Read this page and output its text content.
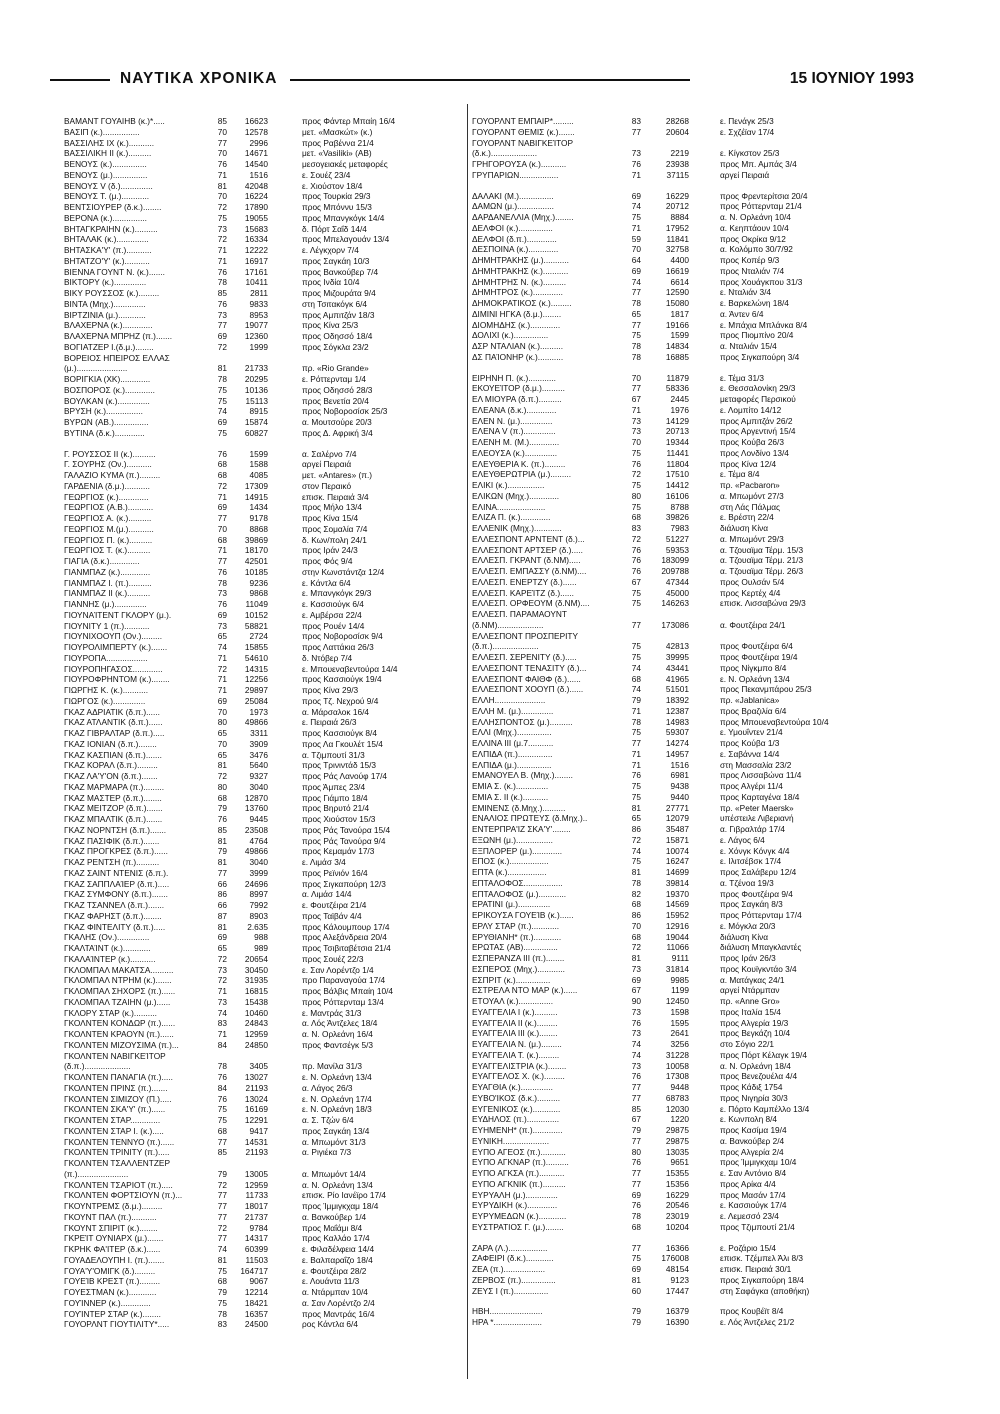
ΝΑΥΤΙΚΑ ΧΡΟΝΙΚΑ	15 ΙΟΥΝΙΟΥ 1993
ΒΑΜΑΝΤ ΓΟΥΑΙΗΒ (κ.)*.....	85	16623	προς Φάντερ Μπαίη 16/4
ΒΑΣΙΠ (κ.)................	70	12578	μετ. «Μασκώτ» (κ.)
ΒΑΣΣΙΛΗΣ ΙΧ (κ.)...........	77	2996	προς Ραβέννα 21/4
ΒΑΣΣΙΛΙΚΗ ΙΙ (κ.)..........	70	14671	μετ. «Vasiliki» (ΑΒ)
ΒΕΝΟΥΣ (κ.)...............	76	14540	μεσογειακές μεταφορές
ΒΕΝΟΥΣ (μ.)...............	71	1516	ε. Σουέζ 23/4
ΒΕΝΟΥΣ V (δ.)..............	81	42048	ε. Χιούστον 18/4
ΒΕΝΟΥΣ Τ. (μ.)............	70	16224	προς Τουρκία 29/3
ΒΕΝΤΣΙΟΥΡΕΡ (δ.κ.)........	72	17890	προς Μπόννυ 15/3
ΒΕΡΟΝΑ (κ.)...............	75	19055	προς Μπανγκόγκ 14/4
ΒΗΤΑΓΚΡΑΙΗΝ (κ.)..........	73	15683	δ. Πόρτ Σαΐδ 14/4
ΒΗΤΑΛΑΚ (κ.)..............	72	16334	προς Μπελαγουάν 13/4
ΒΗΤΑΣΚΑ'Υ' (π.)...........	71	12222	ε. Λέγκχορν 7/4
ΒΗΤΑΤΖΟ'Υ' (κ.)...........	71	16917	προς Σαγκάη 10/3
ΒΙΕΝΝΑ ΓΟΥΝΤ Ν. (κ.).......	76	17161	προς Βανκούβερ 7/4
ΒΙΚΤΟΡΥ (κ.)..............	78	10411	προς Ινδία 10/4
ΒΙΚΥ ΡΟΥΣΣΟΣ (κ.).........	85	2811	προς Μιζουράτα 9/4
ΒΙΝΤΑ (Μηχ.)..............	76	9833	στη Τσιτακόγκ 6/4
ΒΙΡΤΖΙΝΙΑ (μ.)............	73	8953	προς Αμπιτζάν 18/3
ΒΛΑΧΕΡΝΑ (κ.).............	77	19077	προς Κίνα 25/3
ΒΛΑΧΕΡΝΑ ΜΠΡΗΖ (π.).......	69	12360	προς Οδησσό 18/4
ΒΟΓΙΑΤΖΕΡ Ι.(δ.μ.)........	72	1999	προς Σόγκλα 23/2
ΒΟΡΕΙΟΣ ΗΠΕΙΡΟΣ ΕΛΛΑΣ
(μ.)......................	81	21733	πρ. «Rio Grande»
ΒΟΡΙΓΚΙΑ (ΧΚ).............	78	20295	ε. Ρόττερνταμ 1/4
ΒΟΣΠΟΡΟΣ (κ.).............	75	10136	προς Οδησσό 28/3
ΒΟΥΛΚΑΝ (κ.)..............	75	15113	προς Βενετία 20/4
ΒΡΥΣΗ (κ.)................	74	8915	προς Νοβοροσίσκ 25/3
ΒΥΡΩΝ (ΑΒ.)...............	69	15874	α. Μουτσούρε 20/3
ΒΥΤΙΝΑ (δ.κ.).............	75	60827	προς Δ. Αφρική 3/4
Γ. ΡΟΥΣΣΟΣ ΙΙ (κ.)..........	76	1599	α. Σαλέρνο 7/4
Γ. ΣΟΥΡΗΣ (Ον.)...........	68	1588	αργεί Πειραιά
ΓΑΛΑΖΙΟ ΚΥΜΑ (π.).........	68	4085	μετ. «Antares» (π.)
ΓΑΡΔΕΝΙΑ (δ.μ.)...........	72	17309	στον Περαικό
ΓΕΩΡΓΙΟΣ (κ.).............	71	14915	επισκ. Πειραιά 3/4
ΓΕΩΡΓΙΟΣ (Α.Β.)...........	69	1434	προς Μήλο 13/4
ΓΕΩΡΓΙΟΣ Α. (κ.)..........	77	9178	προς Κίνα 15/4
ΓΕΩΡΓΙΟΣ Μ.(μ.)...........	70	8868	προς Σομαλία 7/4
ΓΕΩΡΓΙΟΣ Π. (κ.)..........	68	39869	δ. Κων/πολη 24/1
ΓΕΩΡΓΙΟΣ Τ. (κ.)..........	71	18170	προς Ιράν 24/3
ΓΙΑΓΙΑ (δ.κ.).............	77	42501	προς Φός 9/4
ΓΙΑΝΜΠΑΖ (κ.).............	76	10185	στην Κωνστάντζα 12/4
ΓΙΑΝΜΠΑΖ Ι. (π.)..........	78	9236	ε. Κάντλα 6/4
ΓΙΑΝΜΠΑΖ ΙΙ (κ.)..........	73	9868	ε. Μπανγκόγκ 29/3
ΓΙΑΝΝΗΣ (μ.)..............	76	11049	ε. Κασσιούγκ 6/4
ΓΙΟΥΝΑΊΤΕΝΤ ΓΚΛΟΡΥ (μ.).	69	10152	ε. Αμβέρσα 22/4
ΓΙΟΥΝΙΤΥ 1 (π.)...........	73	58821	προς Ρουέν 14/4
ΓΙΟΥΝΙΧΟΟΥΠ (Ον.).........	65	2724	προς Νοβοροσίσκ 9/4
ΓΙΟΥΡΟΛΙΜΠΕΡΤΥ (κ.).......	74	15855	προς Λαττάκια 26/3
ΓΙΟΥΡΟΠΑ..................	71	54610	δ. Ντόβερ 7/4
ΓΙΟΥΡΟΠΗΓΑΣΟΣ.............	72	14315	ε. Μπουεναβεντούρα 14/4
ΓΙΟΥΡΟΦΡΗΝΤΟΜ (κ.)........	71	12256	προς Κασσιούγκ 19/4
ΓΙΩΡΓΗΣ Κ. (κ.)...........	71	29897	προς Κίνα 29/3
ΓΙΩΡΓΟΣ (κ.)..............	69	25084	προς Τζ. Νεχρού 9/4
ΓΚΑΖ ΑΔΡΙΑΤΙΚ (δ.π.)......	70	1973	α. Μάρσαλοκ 16/4
ΓΚΑΖ ΑΤΛΑΝΤΙΚ (δ.π.)......	80	49866	ε. Πειραιά 26/3
ΓΚΑΖ ΓΙΒΡΑΛΤΑΡ (δ.π.).....	65	3311	προς Κασσιούγκ 8/4
ΓΚΑΖ ΙΟΝΙΑΝ (δ.π.)........	70	3909	προς Λα Γκουλέτ 15/4
ΓΚΑΖ ΚΑΣΠΙΑΝ (δ.π.).......	65	3476	α. Τζιμπουτί 31/3
ΓΚΑΖ ΚΟΡΑΛ (δ.π.).........	81	5640	προς Τρινιντάδ 15/3
ΓΚΑΖ ΛΑ'Υ'ΟΝ (δ.π.).......	72	9327	προς Ράς Λανούφ 17/4
ΓΚΑΖ ΜΑΡΜΑΡΑ (π.).........	80	3040	προς Άμπες 23/4
ΓΚΑΖ ΜΑΣΤΕΡ (δ.π.)........	68	12870	προς Γιάμπο 18/4
ΓΚΑΖ ΜΕΙΤΖΟΡ (δ.π.).......	79	13760	προς Βηρυτό 21/4
ΓΚΑΖ ΜΠΑΛΤΙΚ (δ.π.).......	76	9445	προς Χιούστον 15/3
ΓΚΑΖ ΝΟΡΝΤΣΗ (δ.π.).......	85	23508	προς Ράς Τανούρα 15/4
ΓΚΑΖ ΠΑΣΙΦΙΚ (δ.π.).......	81	4764	προς Ράς Τανούρα 9/4
ΓΚΑΖ ΠΡΟΓΚΡΕΣ (δ.π.)......	79	49866	προς Κεμαμάν 17/3
ΓΚΑΖ ΡΕΝΤΣΗ (π.)..........	81	3040	ε. Λιμάσ 3/4
ΓΚΑΖ ΣΑΙΝΤ ΝΤΕΝΙΣ (δ.π.).	77	3999	προς Ρεϊνιόν 16/4
ΓΚΑΖ ΣΑΠΠΛΑΊΕΡ (δ.π.).....	66	24696	προς Σιγκαπούρη 12/3
ΓΚΑΖ ΣΥΜΦΟΝΥ (δ.π.).......	86	8997	α. Λιμάσ 14/4
ΓΚΑΖ ΤΣΑΝΝΕΛ (δ.π.).......	66	7992	ε. Φουτζέιρα 21/4
ΓΚΑΖ ΦΑΡΗΣΤ (δ.π.)........	87	8903	προς Ταϊβάν 4/4
ΓΚΑΖ ΦΙΝΤΕΛΙΤΥ (δ.π.).....	81	2.635	προς Κάλουμπουρ 17/4
ΓΚΑΛΗΣ (Ον.)..............	69	988	προς Αλεξάνδρεια 20/4
ΓΚΑΛΤΑΊΝΤ (κ.)............	65	989	προς Τσιβιταβέτσια 21/4
ΓΚΑΛΑΊΝΤΕΡ (κ.)...........	72	20654	προς Σουέζ 22/3
ΓΚΛΟΜΠΑΛ ΜΑΚΑΤΣΑ..........	73	30450	ε. Σαν Λορέντζο 1/4
ΓΚΛΟΜΠΑΛ ΝΤΡΗΜ (κ.).......	72	31935	προ Παραναγούα 17/4
ΓΚΛΟΜΠΑΛ ΣΗΧΟΡΣ (π.)......	71	16815	προς Βάλβις Μπαίη 10/4
ΓΚΛΟΜΠΑΛ ΤΖΑΙΗΝ (μ.)......	73	15438	προς Ρόττερνταμ 13/4
ΓΚΛΟΡΥ ΣΤΑΡ (κ.)..........	74	10460	ε. Μαντράς 31/3
ΓΚΟΛΝΤΕΝ ΚΟΝΔΩΡ (π.)......	83	24843	α. Λός Άντζελες 18/4
ΓΚΟΛΝΤΕΝ ΚΡΑΟΥΝ (π.)......	71	12959	α. Ν. Ορλεάνη 16/4
ΓΚΟΛΝΤΕΝ ΜΙΖΟΥΣΙΜΑ (π.)...	84	24850	προς Φαντσέγκ 5/3
ΓΚΟΛΝΤΕΝ ΝΑΒΙΓΚΕΊΤΟΡ
(δ.π.)....................	78	3405	πρ. Μανίλα 31/3
ΓΚΟΛΝΤΕΝ ΠΑΝΑΓΙΑ (π.).....	76	13027	ε. Ν. Ορλεάνη 13/4
ΓΚΟΛΝΤΕΝ ΠΡΙΝΣ (π.).......	84	21193	α. Λάγος 26/3
ΓΚΟΛΝΤΕΝ ΣΙΜΙΖΟΥ (Π.).....	76	13024	ε. Ν. Ορλεάνη 17/4
ΓΚΟΛΝΤΕΝ ΣΚΑ'Υ' (π.)......	75	16169	ε. Ν. Ορλεάνη 18/3
ΓΚΟΛΝΤΕΝ ΣΤΑΡ.............	75	12291	α. Σ. Τζών 6/4
ΓΚΟΛΝΤΕΝ ΣΤΑΡ Ι. (κ.).....	68	9417	προς Σαγκάη 13/4
ΓΚΟΛΝΤΕΝ ΤΕΝΝΥΟ (π.)......	77	14531	α. Μπωμόντ 31/3
ΓΚΟΛΝΤΕΝ ΤΡΙΝΙΤΥ (π.).....	85	21193	α. Ριγιέκα 7/3
ΓΚΟΛΝΤΕΝ ΤΣΑΛΛΕΝΤΖΕΡ
(π.)......................	79	13005	α. Μπωμόντ 14/4
ΓΚΟΛΝΤΕΝ ΤΣΑΡΙΟΤ (π.).....	72	12959	α. Ν. Ορλεάνη 13/4
ΓΚΟΛΝΤΕΝ ΦΟΡΤΣΙΟΥΝ (π.)...	77	11733	επισκ. Ρίο Ιανέϊρο 17/4
ΓΚΟΥΝΤΡΕΜΣ (δ.μ.).........	77	18017	προς Ίμμιγκχαμ 18/4
ΓΚΟΥΝΤ ΠΑΛ (π.)...........	77	21737	α. Βανκούβερ 1/4
ΓΚΟΥΝΤ ΣΠΙΡΙΤ (κ.)........	72	9784	προς Μαΐάμι 8/4
ΓΚΡΕΊΤ ΟΥΝΙΑΡΧ (μ.).......	77	14317	προς Καλλάο 17/4
ΓΚΡΗΚ ΦΑ'ΙΤΕΡ (δ.κ.)......	74	60399	ε. Φιλαδέλφεια 14/4
ΓΟΥΑΔΕΛΟΥΠΗ Ι. (π.).......	81	11503	ε. Βαλπαραΐζο 18/4
ΓΟΥΑ'Υ'ΟΜΙΓΚ (δ.).........	75	164717	ε. Φουτζέιρα 28/2
ΓΟΥΕΊΒ ΚΡΕΣΤ (π.).........	68	9067	ε. Λουάντα 11/3
ΓΟΥΕΣΤΜΑΝ (κ.)............	79	12214	α. Ντάρμπαν 10/4
ΓΟΥΊΝΝΕΡ (κ.).............	75	18421	α. Σαν Λορέντζο 2/4
ΓΟΥΊΝΤΕΡ ΣΤΑΡ (κ.)........	78	16357	προς Μαντράς 16/4
ΓΟΥΟΡΛΝΤ ΓΙΟΥΤΙΛΙΤΥ*.....	83	24500	ρος Κάντλα 6/4
ΓΟΥΟΡΛΝΤ ΕΜΠΑΙΡ*.........	83	28268	ε. Πενάγκ 25/3
ΓΟΥΟΡΛΝΤ ΘΕΜΙΣ (κ.).......	77	20604	ε. Σχζέϊαν 17/4
ΓΟΥΟΡΛΝΤ ΝΑΒΙΓΚΕΊΤΟΡ
(δ.κ.)....................	73	2219	ε. Κίγκστον 25/3
ΓΡΗΓΟΡΟΥΣΑ (κ.)...........	76	23938	προς Μπ. Αμπάς 3/4
ΓΡΥΠΑΡΙΩΝ.................	71	37115	αργεί Πειραιά
ΔΑΛΑΚΙ (Μ.)...............	69	16229	προς Φρεντερίτσια 20/4
ΔΑΜΩΝ (μ.)................	74	20712	προς Ρόττερνταμ 21/4
ΔΑΡΔΑΝΕΛΛΙΑ (Μηχ.)........	75	8884	α. Ν. Ορλεάνη 10/4
ΔΕΛΦΟΙ (κ.)...............	71	17952	α. Κεηπτάουν 10/4
ΔΕΛΦΟΙ (δ.π.).............	59	11841	προς Οκρίκα 9/12
ΔΕΣΠΟΙΝΑ (κ.).............	70	32758	α. Κολόμπο 30/7/92
ΔΗΜΗΤΡΑΚΗΣ (μ.)...........	64	4400	προς Κοπέρ 9/3
ΔΗΜΗΤΡΑΚΗΣ (κ.)...........	69	16619	προς Νταλιάν 7/4
ΔΗΜΗΤΡΗΣ Ν. (κ.)..........	74	6614	προς Χουάγκπου 31/3
ΔΗΜΗΤΡΟΣ (κ.).............	77	12590	ε. Νταλιάν 3/4
ΔΗΜΟΚΡΑΤΙΚΟΣ (κ.).........	78	15080	ε. Βαρκελώνη 18/4
ΔΙΜΙΝΙ ΗΓΚΑ (δ.μ.)........	65	1817	α. Άντεν 6/4
ΔΙΟΜΗΔΗΣ (κ.).............	77	19166	ε. Μπάχια Μπλάνκα 8/4
ΔΟΛΙΧΙ (κ.)...............	75	1599	προς Πιομπίνο 20/4
ΔΣΡ ΝΤΑΛΙΑΝ (κ.)..........	78	14834	α. Νταλιάν 15/4
ΔΣ ΠΑΊΟΝΗΡ (κ.)...........	78	16885	προς Σιγκαπούρη 3/4
ΕΙΡΗΝΗ Π. (κ.)............	70	11879	ε. Τέμα 31/3
ΕΚΟΥΕΊΤΟΡ (δ.μ.)..........	77	58336	ε. Θεσσαλονίκη 29/3
ΕΛ ΜΙΟΥΡΑ (δ.π.)..........	67	2445	μεταφορές Περσικού
ΕΛΕΑΝΑ (δ.κ.).............	71	1976	ε. Λομπίτο 14/12
ΕΛΕΝ Ν. (μ.)..............	73	14129	προς Αμπιτζάν 26/2
ΕΛΕΝΑ V (π.)..............	73	20713	προς Αργεντινή 15/4
ΕΛΕΝΗ Μ. (Μ.).............	70	19344	προς Κούβα 26/3
ΕΛΕΟΥΣΑ (κ.)..............	75	11441	προς Λονδίνο 13/4
ΕΛΕΥΘΕΡΙΑ Κ. (π.).........	76	11804	προς Κίνα 12/4
ΕΛΕΥΘΕΡΩΤΡΙΑ (μ.).........	72	17510	ε. Τέμα 8/4
ΕΛΙΚΙ (κ.)................	75	14412	πρ. «Pacbaron»
ΕΛΙΚΩΝ (Μηχ.).............	80	16106	α. Μπωμόντ 27/3
ΕΛΙΝΑ.....................	75	8788	στη Λάς Πάλμας
ΕΛΙΖΑ Π. (κ.).............	68	39826	ε. Βρέστη 22/4
ΕΛΛΕΝΙΚ (Μηχ.)............	83	7983	διάλυση Κίνα
ΕΛΛΕΣΠΟΝΤ ΑΡΝΤΕΝΤ (δ.)...	72	51227	α. Μπωμόντ 29/3
ΕΛΛΕΣΠΟΝΤ ΑΡΤΣΕΡ (δ.).....	76	59353	α. Τζουαϊμα Τέρμ. 15/3
ΕΛΛΕΣΠ. ΓΚΡΑΝΤ (δ.ΝΜ).....	76	183099	α. Τζουαϊμα Τέρμ. 21/3
ΕΛΛΕΣΠ. ΕΜΠΑΣΣΥ (δ.ΝΜ)....	76	209788	α. Τζουαϊμα Τέρμ. 26/3
ΕΛΛΕΣΠ. ΕΝΕΡΤΖΥ (δ.)......	67	47344	προς Ουλσάν 5/4
ΕΛΛΕΣΠ. ΚΑΡΕΊΤΖ (δ.)......	75	45000	προς Κερτέχ 4/4
ΕΛΛΕΣΠ. ΟΡΦΕΟΥΜ (δ.ΝΜ)....	75	146263	επισκ. Λισσαβώνα 29/3
ΕΛΛΕΣΠ. ΠΑΡΑΜΑΟΥΝΤ
(δ.ΝΜ)....................	77	173086	α. Φουτζέιρα 24/1
ΕΛΛΕΣΠΟΝΤ ΠΡΟΣΠΕΡΙΤΥ
(δ.π.)....................	75	42813	προς Φουτζέιρα 6/4
ΕΛΛΕΣΠ. ΣΕΡΕΝΙΤΥ (δ.).....	75	39995	προς Φουτζέιρα 19/4
ΕΛΛΕΣΠΟΝΤ ΤΕΝΑΣΙΤΥ (δ.)...	74	43441	προς Νίγκμπο 8/4
ΕΛΛΕΣΠΟΝΤ ΦΑΙΘΦ (δ.)......	68	41965	ε. Ν. Ορλεάνη 13/4
ΕΛΛΕΣΠΟΝΤ ΧΟΟΥΠ (δ.)......	74	51501	προς Πεκανμπάρου 25/3
ΕΛΛΗ......................	79	18392	πρ. «Jablanica»
ΕΛΛΗ Μ. (μ.)..............	71	12387	προς Βραζιλία 6/4
ΕΛΛΗΣΠΟΝΤΟΣ (μ.)..........	78	14983	προς Μπουεναβεντούρα 10/4
ΕΛΛΙ (Μηχ.)...............	75	59307	ε. Υμουΐντεν 21/4
ΕΛΛΙΝΑ ΙΙΙ (μ.7...........	77	14274	προς Κούβα 1/3
ΕΛΠΙΔΑ (π.)...............	71	14957	ε. Σαβάννα 14/4
ΕΛΠΙΔΑ (μ.)...............	71	1516	στη Μασσαλία 23/2
ΕΜΑΝΟΥΕΛ Β. (Μηχ.)........	76	6981	προς Λισσαβώνα 11/4
ΕΜΙΑ Σ. (κ.)..............	75	9438	προς Αλγέρι 11/4
ΕΜΙΑ Σ. ΙΙ (κ.)...........	75	9440	προς Καρταγένα 18/4
ΕΜΙΝΕΝΣ (δ.Μηχ.)..........	81	27771	πρ. «Peter Maersk»
ΕΝΑΛΙΟΣ ΠΡΩΤΕΥΣ (δ.Μηχ.)..	65	12079	υπέστειλε Λιβεριανή
ΕΝΤΕΡΠΡΑ'ΙΖ ΣΚΑ'Υ'........	86	35487	α. Γιβραλτάρ 17/4
ΕΞΩΝΗ (μ.)................	72	15871	ε. Λάγος 6/4
ΕΞΠΛΟΡΕΡ (μ.).............	74	10074	ε. Χόνγκ Κόνγκ 4/4
ΕΠΟΣ (κ.).................	75	16247	ε. Ιλιτσέβσκ 17/4
ΕΠΤΑ (κ.).................	81	14699	προς Σαλάβερυ 12/4
ΕΠΤΑΛΟΦΟΣ.................	78	39814	α. Τζένοα 19/3
ΕΠΤΑΛΟΦΟΣ (μ.)............	82	19370	προς Φουτζέιρα 9/4
ΕΡΑΤΙΝΙ (μ.)..............	68	14569	προς Σαγκάη 8/3
ΕΡΙΚΟΥΣΑ ΓΟΥΕΊΒ (κ.)......	86	15952	προς Ρόττερνταμ 17/4
ΕΡΛΥ ΣΤΑΡ (π.)............	70	12916	ε. Μόγκλα 20/3
ΕΡΥΘΙΑΝΗ* (π.)............	68	19044	διάλυση Κίνα
ΕΡΩΤΑΣ (ΑΒ)...............	72	11066	διάλυση Μπαγκλαντές
ΕΣΠΕΡΑΝΖΑ ΙΙΙ (π.)........	81	9111	προς Ιράν 26/3
ΕΣΠΕΡΟΣ (Μηχ.)............	73	31814	προς Κουϊγκντάο 3/4
ΕΣΠΡΙΤ (κ.)...............	69	9985	α. Ματάγκας 24/1
ΕΣΤΡΕΛΑ ΝΤΟ ΜΑΡ (κ.)......	67	1199	αργεί Ντάρμπαν
ΕΤΟΥΑΛ (κ.)...............	90	12450	πρ. «Anne Gro»
ΕΥΑΓΓΕΛΙΑ Ι (κ.)..........	73	1598	προς Ιταλία 15/4
ΕΥΑΓΓΕΛΙΑ ΙΙ (κ.).........	76	1595	προς Αλγερία 19/3
ΕΥΑΓΓΕΛΙΑ ΙΙΙ (κ.)........	73	2641	προς Βεγκάζη 10/4
ΕΥΑΓΓΕΛΙΑ Ν. (μ.).........	74	3256	στο Σόγιο 22/1
ΕΥΑΓΓΕΛΙΑ Τ. (κ.).........	74	31228	προς Πόρτ Κέλαγκ 19/4
ΕΥΑΓΓΕΛΙΣΤΡΙΑ (κ.)........	73	10058	α. Ν. Ορλεάνη 18/4
ΕΥΑΓΓΕΛΟΣ Χ. (κ.).........	76	17308	προς Βενεζουέλα 4/4
ΕΥΑΓΘΙΑ (κ.)..............	77	9448	προς Κάδιξ 1754
ΕΥΒΟ'ΙΚΟΣ (δ.κ.)..........	77	68783	προς Νιγηρία 30/3
ΕΥΓΕΝΙΚΟΣ (κ.)............	85	12030	ε. Πόρτο Καμπέλλο 13/4
ΕΥΔΗΛΟΣ (π.)..............	67	1220	ε. Κωνπολη 8/4
ΕΥΗΜΕΝΗ* (π.).............	79	29875	προς Κασίμα 19/4
ΕΥΝΙΚΗ....................	77	29875	α. Βανκούβερ 2/4
ΕΥΠΟ ΑΓΕΟΣ (π.)...........	80	13035	προς Αλγερία 2/4
ΕΥΠΟ ΑΓΚΝΑΡ (π.)..........	76	9651	προς Ίμμιγκχαμ 10/4
ΕΥΠΟ ΑΓΚΣΑ (π.)...........	77	15355	ε. Σαν Αντόνιο 8/4
ΕΥΠΟ ΑΓΚΝΙΚ (π.)..........	77	15356	προς Αρίκα 4/4
ΕΥΡΥΑΛΗ (μ.)..............	69	16229	προς Μασάν 17/4
ΕΥΡΥΔΙΚΗ (κ.).............	76	20546	ε. Κασσιούγκ 17/4
ΕΥΡΥΜΕΔΩΝ (κ.)............	78	23019	ε. Λεμεσσό 23/4
ΕΥΣΤΡΑΤΙΟΣ Γ. (μ.)........	68	10204	προς Τζιμπουτί 21/4
ΖΑΡΑ (Λ.).................	77	16366	ε. Ροζάριο 15/4
ΖΑΦΕΙΡΙ (δ.κ.)............	75	176008	επισκ. Τζέμπελ Άλι 8/3
ΖΕΑ (π.)..................	69	48154	επισκ. Πειραιά 30/1
ΖΕΡΒΟΣ (π.)...............	81	9123	προς Σιγκαπούρη 18/4
ΖΕΥΣ Ι (π.)...............	60	17447	στη Σαφάγκα (αποθήκη)
ΗΒΗ.......................	79	16379	προς Κουβέϊτ 8/4
ΗΡΑ *.....................	79	16390	ε. Λός Άντζελες 21/2
